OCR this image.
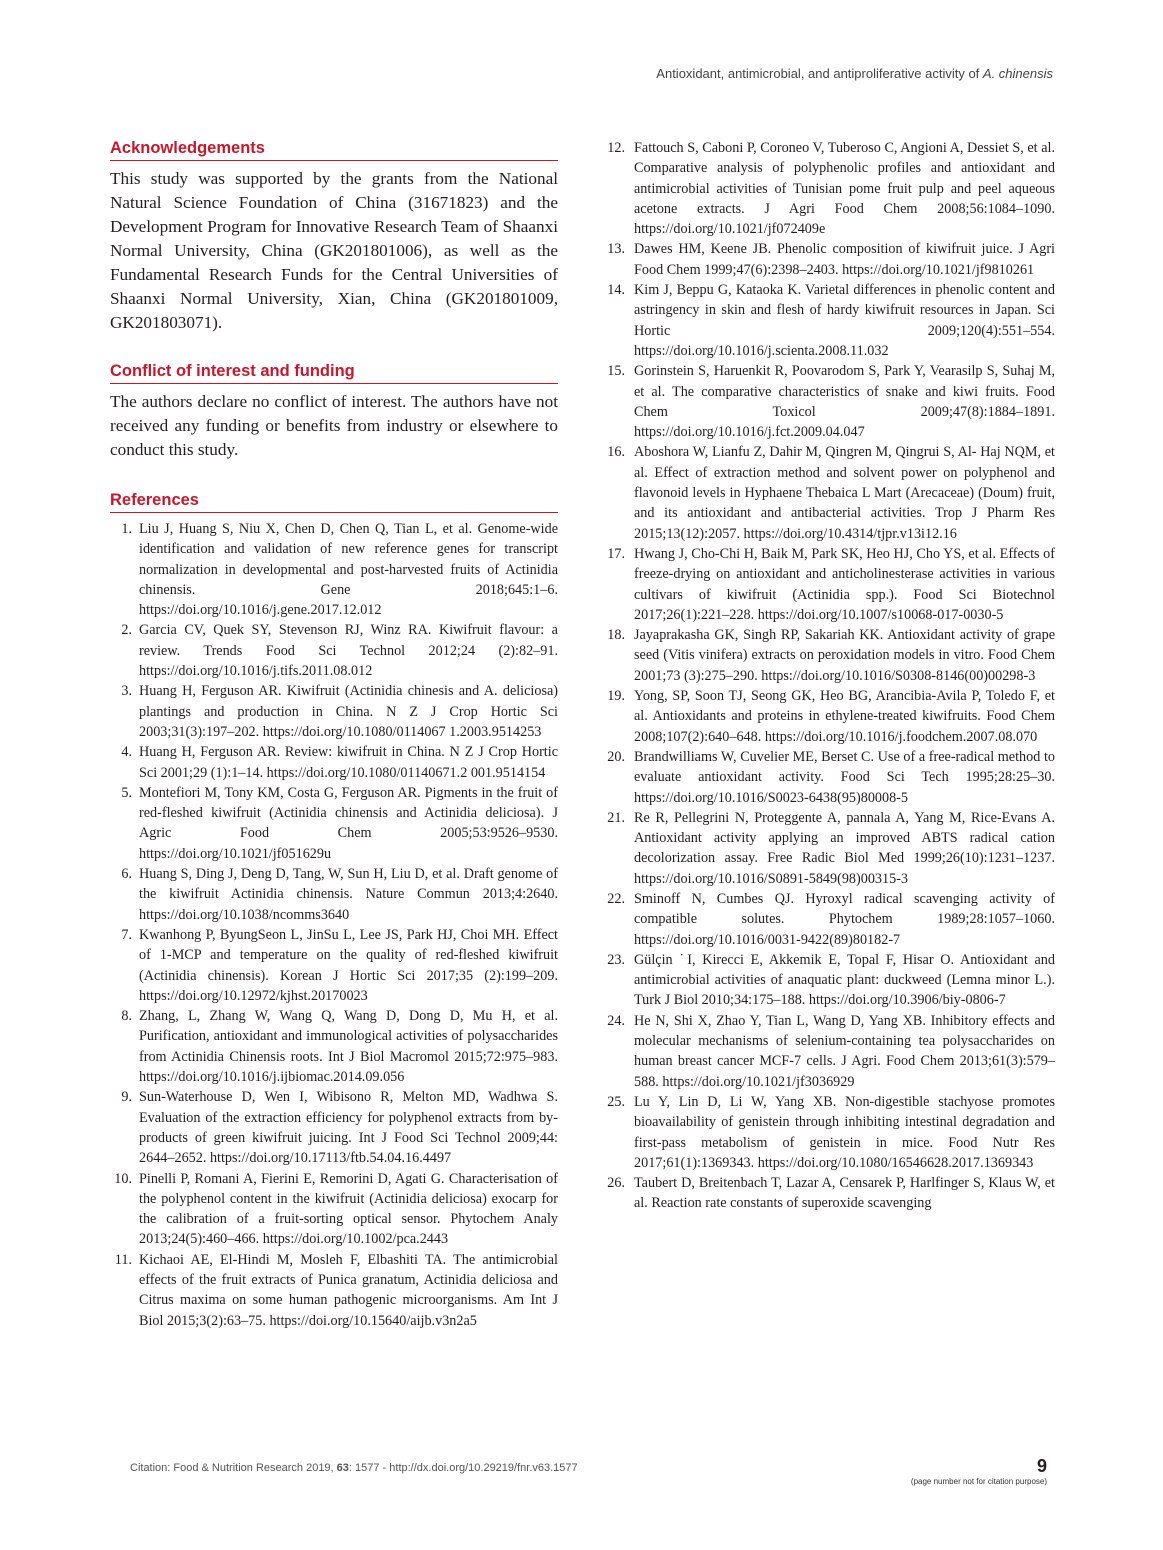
Antioxidant, antimicrobial, and antiproliferative activity of A. chinensis
Acknowledgements

This study was supported by the grants from the National Natural Science Foundation of China (31671823) and the Development Program for Innovative Research Team of Shaanxi Normal University, China (GK201801006), as well as the Fundamental Research Funds for the Central Universities of Shaanxi Normal University, Xian, China (GK201801009, GK201803071).

Conflict of interest and funding

The authors declare no conflict of interest. The authors have not received any funding or benefits from industry or elsewhere to conduct this study.

References
1. Liu J, Huang S, Niu X, Chen D, Chen Q, Tian L, et al. Genome-wide identification and validation of new reference genes for transcript normalization in developmental and post-harvested fruits of Actinidia chinensis. Gene 2018;645:1–6. https://doi.org/10.1016/j.gene.2017.12.012
2. Garcia CV, Quek SY, Stevenson RJ, Winz RA. Kiwifruit flavour: a review. Trends Food Sci Technol 2012;24 (2):82–91. https://doi.org/10.1016/j.tifs.2011.08.012
3. Huang H, Ferguson AR. Kiwifruit (Actinidia chinesis and A. deliciosa) plantings and production in China. N Z J Crop Hortic Sci 2003;31(3):197–202. https://doi.org/10.1080/0114067 1.2003.9514253
4. Huang H, Ferguson AR. Review: kiwifruit in China. N Z J Crop Hortic Sci 2001;29 (1):1–14. https://doi.org/10.1080/01140671.2 001.9514154
5. Montefiori M, Tony KM, Costa G, Ferguson AR. Pigments in the fruit of red-fleshed kiwifruit (Actinidia chinensis and Actinidia deliciosa). J Agric Food Chem 2005;53:9526–9530. https://doi.org/10.1021/jf051629u
6. Huang S, Ding J, Deng D, Tang, W, Sun H, Liu D, et al. Draft genome of the kiwifruit Actinidia chinensis. Nature Commun 2013;4:2640. https://doi.org/10.1038/ncomms3640
7. Kwanhong P, ByungSeon L, JinSu L, Lee JS, Park HJ, Choi MH. Effect of 1-MCP and temperature on the quality of red-fleshed kiwifruit (Actinidia chinensis). Korean J Hortic Sci 2017;35 (2):199–209. https://doi.org/10.12972/kjhst.20170023
8. Zhang, L, Zhang W, Wang Q, Wang D, Dong D, Mu H, et al. Purification, antioxidant and immunological activities of polysaccharides from Actinidia Chinensis roots. Int J Biol Macromol 2015;72:975–983. https://doi.org/10.1016/j.ijbiomac.2014.09.056
9. Sun-Waterhouse D, Wen I, Wibisono R, Melton MD, Wadhwa S. Evaluation of the extraction efficiency for polyphenol extracts from by-products of green kiwifruit juicing. Int J Food Sci Technol 2009;44: 2644–2652. https://doi.org/10.17113/ftb.54.04.16.4497
10. Pinelli P, Romani A, Fierini E, Remorini D, Agati G. Characterisation of the polyphenol content in the kiwifruit (Actinidia deliciosa) exocarp for the calibration of a fruit-sorting optical sensor. Phytochem Analy 2013;24(5):460–466. https://doi.org/10.1002/pca.2443
11. Kichaoi AE, El-Hindi M, Mosleh F, Elbashiti TA. The antimicrobial effects of the fruit extracts of Punica granatum, Actinidia deliciosa and Citrus maxima on some human pathogenic microorganisms. Am Int J Biol 2015;3(2):63–75. https://doi.org/10.15640/aijb.v3n2a5
12. Fattouch S, Caboni P, Coroneo V, Tuberoso C, Angioni A, Dessiet S, et al. Comparative analysis of polyphenolic profiles and antioxidant and antimicrobial activities of Tunisian pome fruit pulp and peel aqueous acetone extracts. J Agri Food Chem 2008;56:1084–1090. https://doi.org/10.1021/jf072409e
13. Dawes HM, Keene JB. Phenolic composition of kiwifruit juice. J Agri Food Chem 1999;47(6):2398–2403. https://doi.org/10.1021/jf9810261
14. Kim J, Beppu G, Kataoka K. Varietal differences in phenolic content and astringency in skin and flesh of hardy kiwifruit resources in Japan. Sci Hortic 2009;120(4):551–554. https://doi.org/10.1016/j.scienta.2008.11.032
15. Gorinstein S, Haruenkit R, Poovarodom S, Park Y, Vearasilp S, Suhaj M, et al. The comparative characteristics of snake and kiwi fruits. Food Chem Toxicol 2009;47(8):1884–1891. https://doi.org/10.1016/j.fct.2009.04.047
16. Aboshora W, Lianfu Z, Dahir M, Qingren M, Qingrui S, Al- Haj NQM, et al. Effect of extraction method and solvent power on polyphenol and flavonoid levels in Hyphaene Thebaica L Mart (Arecaceae) (Doum) fruit, and its antioxidant and antibacterial activities. Trop J Pharm Res 2015;13(12):2057. https://doi.org/10.4314/tjpr.v13i12.16
17. Hwang J, Cho-Chi H, Baik M, Park SK, Heo HJ, Cho YS, et al. Effects of freeze-drying on antioxidant and anticholinesterase activities in various cultivars of kiwifruit (Actinidia spp.). Food Sci Biotechnol 2017;26(1):221–228. https://doi.org/10.1007/s10068-017-0030-5
18. Jayaprakasha GK, Singh RP, Sakariah KK. Antioxidant activity of grape seed (Vitis vinifera) extracts on peroxidation models in vitro. Food Chem 2001;73 (3):275–290. https://doi.org/10.1016/S0308-8146(00)00298-3
19. Yong, SP, Soon TJ, Seong GK, Heo BG, Arancibia-Avila P, Toledo F, et al. Antioxidants and proteins in ethylene-treated kiwifruits. Food Chem 2008;107(2):640–648. https://doi.org/10.1016/j.foodchem.2007.08.070
20. Brandwilliams W, Cuvelier ME, Berset C. Use of a free-radical method to evaluate antioxidant activity. Food Sci Tech 1995;28:25–30. https://doi.org/10.1016/S0023-6438(95)80008-5
21. Re R, Pellegrini N, Proteggente A, pannala A, Yang M, Rice-Evans A. Antioxidant activity applying an improved ABTS radical cation decolorization assay. Free Radic Biol Med 1999;26(10):1231–1237. https://doi.org/10.1016/S0891-5849(98)00315-3
22. Sminoff N, Cumbes QJ. Hyroxyl radical scavenging activity of compatible solutes. Phytochem 1989;28:1057–1060. https://doi.org/10.1016/0031-9422(89)80182-7
23. Gülçin ˙I, Kirecci E, Akkemik E, Topal F, Hisar O. Antioxidant and antimicrobial activities of anaquatic plant: duckweed (Lemna minor L.). Turk J Biol 2010;34:175–188. https://doi.org/10.3906/biy-0806-7
24. He N, Shi X, Zhao Y, Tian L, Wang D, Yang XB. Inhibitory effects and molecular mechanisms of selenium-containing tea polysaccharides on human breast cancer MCF-7 cells. J Agri. Food Chem 2013;61(3):579–588. https://doi.org/10.1021/jf3036929
25. Lu Y, Lin D, Li W, Yang XB. Non-digestible stachyose promotes bioavailability of genistein through inhibiting intestinal degradation and first-pass metabolism of genistein in mice. Food Nutr Res 2017;61(1):1369343. https://doi.org/10.1080/16546628.2017.1369343
26. Taubert D, Breitenbach T, Lazar A, Censarek P, Harlfinger S, Klaus W, et al. Reaction rate constants of superoxide scavenging
Citation: Food & Nutrition Research 2019, 63: 1577 - http://dx.doi.org/10.29219/fnr.v63.1577	9
(page number not for citation purpose)
